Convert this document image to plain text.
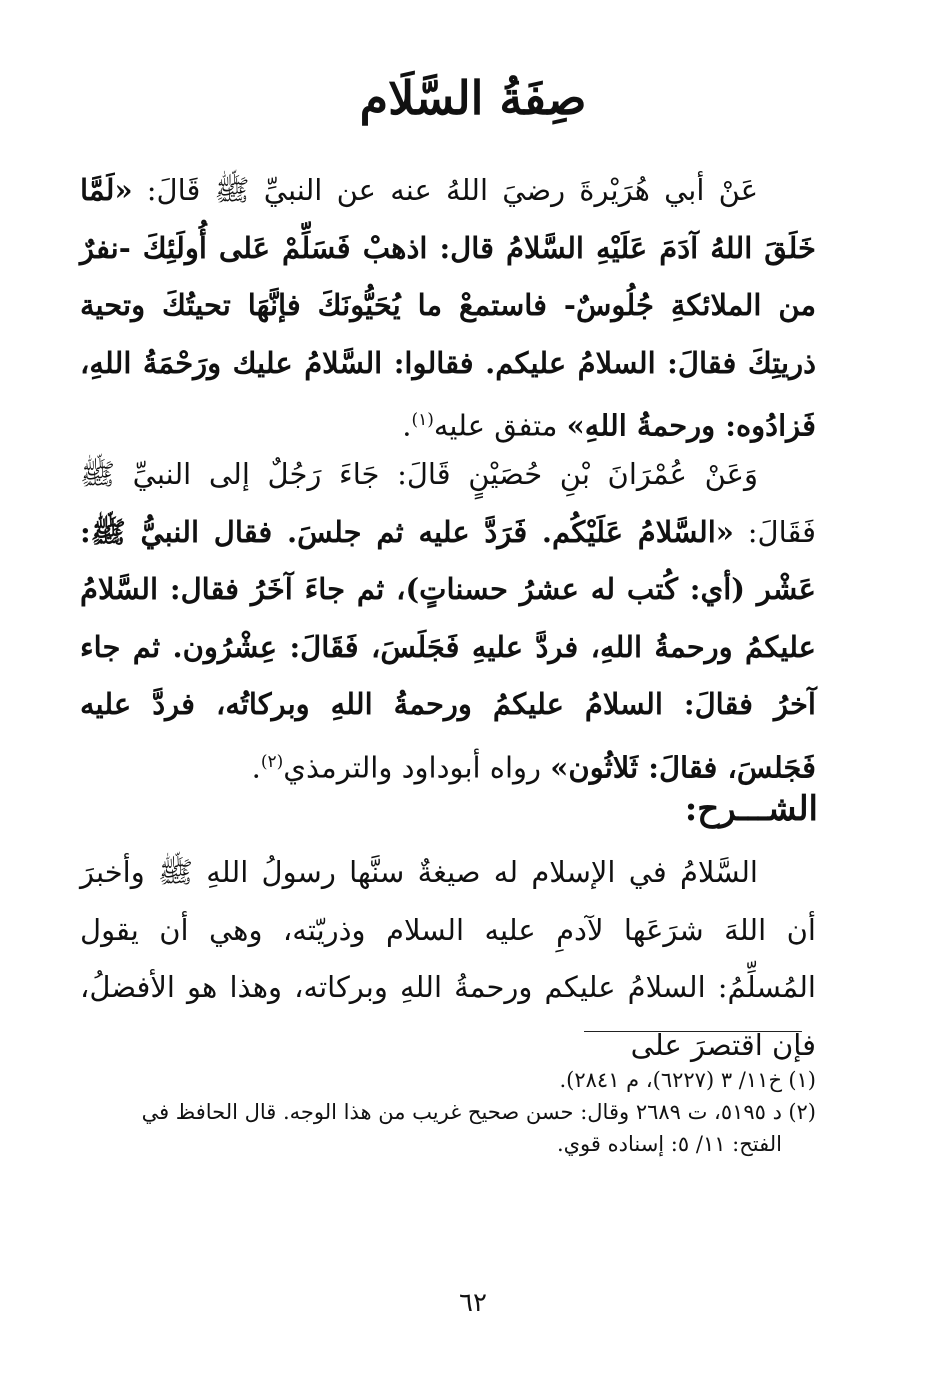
صِفَةُ السَّلَام

عَنْ أبي هُرَيْرةَ رضيَ اللهُ عنه عن النبيِّ ﷺ قَالَ: «لَمَّا خَلَقَ اللهُ آدَمَ عَلَيْهِ السَّلامُ قال: اذهبْ فَسَلِّمْ عَلى أُولَئِكَ -نفرٌ من الملائكةِ جُلُوسٌ- فاستمعْ ما يُحَيُّونَكَ فإنَّهَا تحيتُكَ وتحية ذريتِكَ فقالَ: السلامُ عليكم. فقالوا: السَّلامُ عليك ورَحْمَةُ اللهِ، فَزادُوه: ورحمةُ اللهِ» متفق عليه$^{(١)}$.

وَعَنْ عُمْرَانَ بْنِ حُصَيْنٍ قَالَ: جَاءَ رَجُلٌ إلى النبيِّ ﷺ فَقَالَ: «السَّلامُ عَلَيْكُم. فَرَدَّ عليه ثم جلسَ. فقال النبيُّ ﷺ: عَشْر (أي: كُتب له عشرُ حسناتٍ)، ثم جاءَ آخَرُ فقال: السَّلامُ عليكمُ ورحمةُ اللهِ، فردَّ عليهِ فَجَلَسَ، فَقَالَ: عِشْرُون. ثم جاء آخرُ فقالَ: السلامُ عليكمُ ورحمةُ اللهِ وبركاتُه، فردَّ عليه فَجَلسَ، فقالَ: ثَلاثُون» رواه أبوداود والترمذي$^{(٢)}$.

الشـــرح:

السَّلامُ في الإسلام له صيغةٌ سنَّها رسولُ اللهِ ﷺ وأخبرَ أن اللهَ شرَعَها لآدمِ عليه السلام وذريّته، وهي أن يقول المُسلِّمُ: السلامُ عليكم ورحمةُ اللهِ وبركاته، وهذا هو الأفضلُ، فإن اقتصرَ على

(١)خ١١/ ٣ (٦٢٢٧)، م ٢٨٤١).

(٢)د ٥١٩٥، ت ٢٦٨٩ وقال: حسن صحيح غريب من هذا الوجه. قال الحافظ في

الفتح: ١١/ ٥: إسناده قوي.

٦٢
